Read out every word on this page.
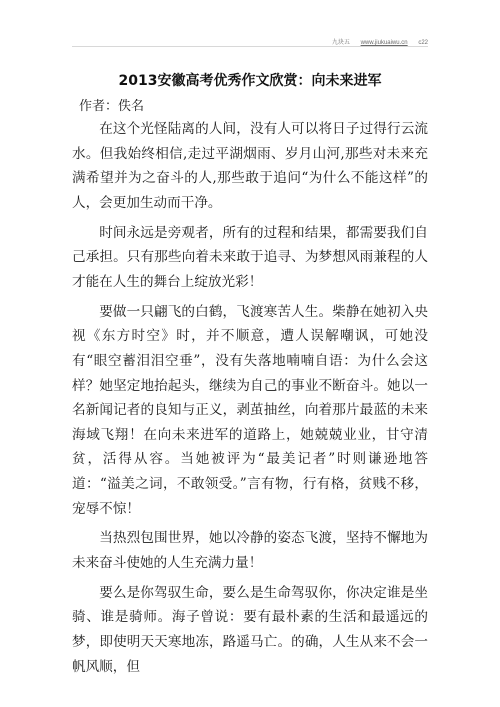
九块五 www.jiukuaiwu.cn c22
2013安徽高考优秀作文欣赏：向未来进军
作者：佚名

在这个光怪陆离的人间，没有人可以将日子过得行云流水。但我始终相信,走过平湖烟雨、岁月山河,那些对未来充满希望并为之奋斗的人,那些敢于追问“为什么不能这样”的人，会更加生动而干净。

时间永远是旁观者，所有的过程和结果，都需要我们自己承担。只有那些向着未来敢于追寻、为梦想风雨兼程的人才能在人生的舞台上绽放光彩！

要做一只翩飞的白鹤，飞渡寒苦人生。柴静在她初入央视《东方时空》时，并不顺意，遭人误解嘲讽，可她没有“眼空蓄泪泪空垂”，没有失落地喃喃自语：为什么会这样？她坚定地抬起头，继续为自己的事业不断奋斗。她以一名新闻记者的良知与正义，剥茧抽丝，向着那片最蓝的未来海域飞翔！在向未来进军的道路上，她兢兢业业，甘守清贫，活得从容。当她被评为“最美记者”时则谦逊地答道：“溢美之词，不敢领受。”言有物，行有格，贫贱不移，宠辱不惊！

当热烈包围世界，她以冷静的姿态飞渡，坚持不懈地为未来奋斗使她的人生充满力量！

要么是你驾驭生命，要么是生命驾驭你，你决定谁是坐骑、谁是骑师。海子曾说：要有最朴素的生活和最遥远的梦，即使明天天寒地冻，路遥马亡。的确，人生从来不会一帆风顺，但
